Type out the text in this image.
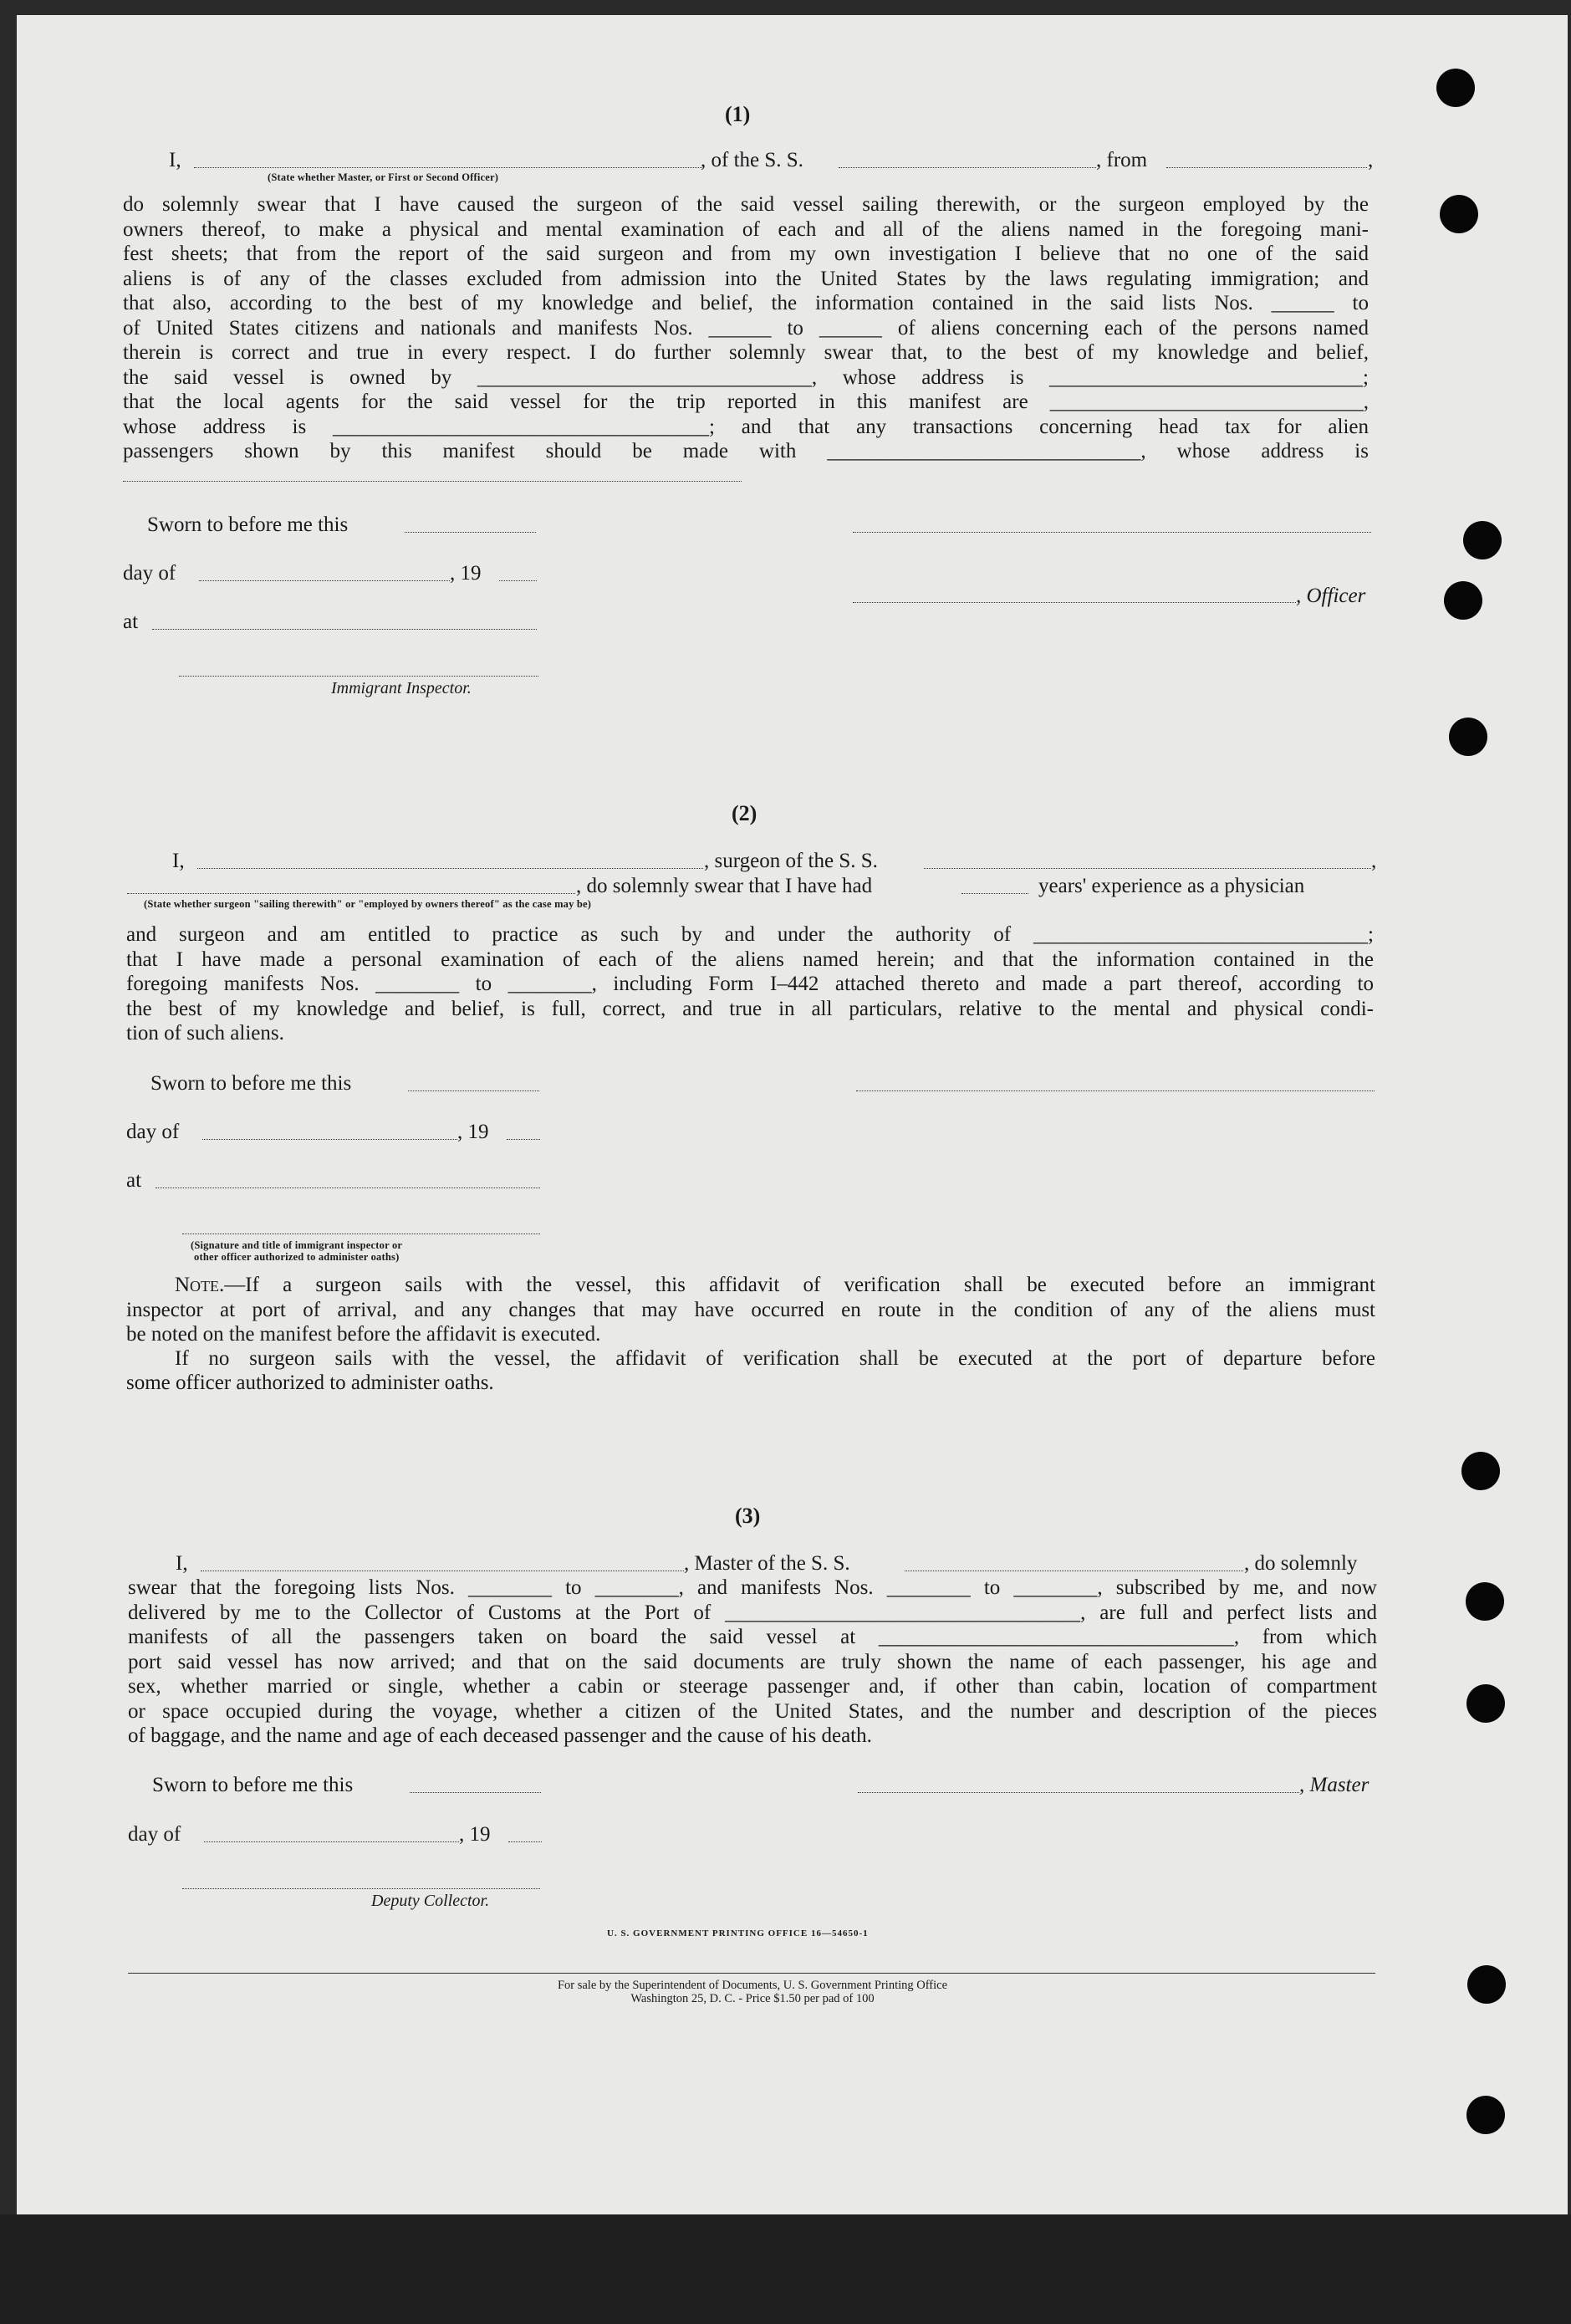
(1)
I,	, of the S. S.	, from	,
(State whether Master, or First or Second Officer)
do solemnly swear that I have caused the surgeon of the said vessel sailing therewith, or the surgeon employed by the
owners thereof, to make a physical and mental examination of each and all of the aliens named in the foregoing mani-
fest sheets; that from the report of the said surgeon and from my own investigation I believe that no one of the said
aliens is of any of the classes excluded from admission into the United States by the laws regulating immigration; and
that also, according to the best of my knowledge and belief, the information contained in the said lists Nos. ______ to
of United States citizens and nationals and manifests Nos. ______ to ______ of aliens concerning each of the persons named
therein is correct and true in every respect. I do further solemnly swear that, to the best of my knowledge and belief,
the said vessel is owned by ________________________________, whose address is ______________________________;
that the local agents for the said vessel for the trip reported in this manifest are ______________________________,
whose address is ____________________________________; and that any transactions concerning head tax for alien
passengers shown by this manifest should be made with ______________________________, whose address is
Sworn to before me this
day of	, 19
, Officer
at
Immigrant Inspector.
(2)
I,	, surgeon of the S. S.	,
, do solemnly swear that I have had	years' experience as a physician
(State whether surgeon "sailing therewith" or "employed by owners thereof" as the case may be)
and surgeon and am entitled to practice as such by and under the authority of ________________________________;
that I have made a personal examination of each of the aliens named herein; and that the information contained in the
foregoing manifests Nos. ________ to ________, including Form I–442 attached thereto and made a part thereof, according to
the best of my knowledge and belief, is full, correct, and true in all particulars, relative to the mental and physical condi-
tion of such aliens.
Sworn to before me this
day of	, 19
at
(Signature and title of immigrant inspector or
other officer authorized to administer oaths)
Note.—If a surgeon sails with the vessel, this affidavit of verification shall be executed before an immigrant
inspector at port of arrival, and any changes that may have occurred en route in the condition of any of the aliens must
be noted on the manifest before the affidavit is executed.
If no surgeon sails with the vessel, the affidavit of verification shall be executed at the port of departure before
some officer authorized to administer oaths.
(3)
I,	, Master of the S. S.	, do solemnly
swear that the foregoing lists Nos. ________ to ________, and manifests Nos. ________ to ________, subscribed by me, and now
delivered by me to the Collector of Customs at the Port of __________________________________, are full and perfect lists and
manifests of all the passengers taken on board the said vessel at __________________________________, from which
port said vessel has now arrived; and that on the said documents are truly shown the name of each passenger, his age and
sex, whether married or single, whether a cabin or steerage passenger and, if other than cabin, location of compartment
or space occupied during the voyage, whether a citizen of the United States, and the number and description of the pieces
of baggage, and the name and age of each deceased passenger and the cause of his death.
Sworn to before me this	, Master
day of	, 19
Deputy Collector.
U. S. GOVERNMENT PRINTING OFFICE 16—54650-1
For sale by the Superintendent of Documents, U. S. Government Printing Office
Washington 25, D. C. - Price $1.50 per pad of 100
